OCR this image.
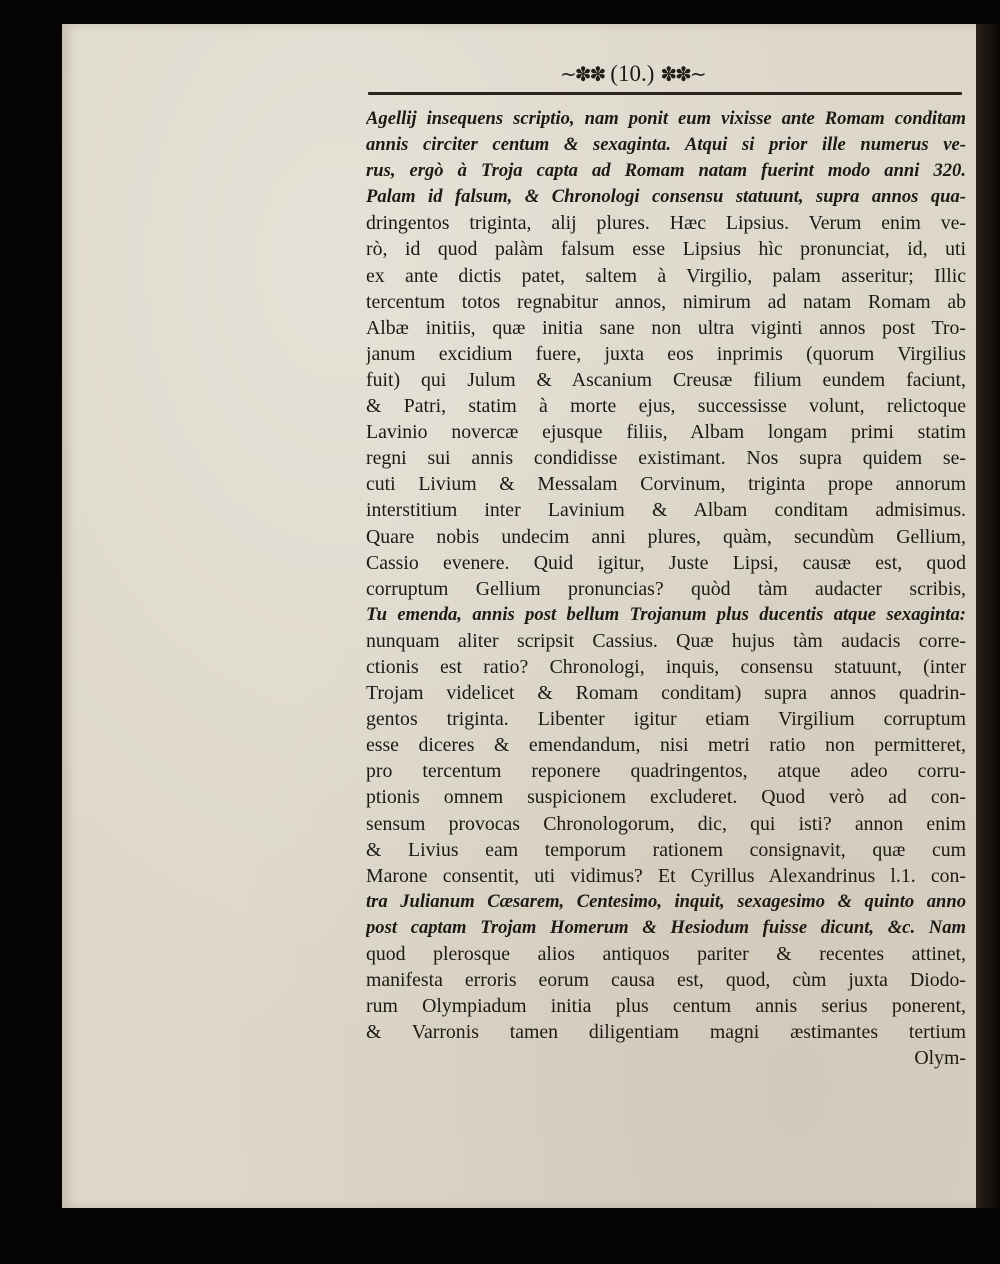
~✽✽ (10.) ✽✽~
Agellij insequens scriptio, nam ponit eum vixisse ante Romam conditam
annis circiter centum & sexaginta. Atqui si prior ille numerus ve-
rus, ergò à Troja capta ad Romam natam fuerint modo anni 320.
Palam id falsum, & Chronologi consensu statuunt, supra annos qua-
dringentos triginta, alij plures. Hæc Lipsius. Verum enim ve-
rò, id quod palàm falsum esse Lipsius hìc pronunciat, id, uti
ex ante dictis patet, saltem à Virgilio, palam asseritur; Illic
tercentum totos regnabitur annos, nimirum ad natam Romam ab
Albæ initiis, quæ initia sane non ultra viginti annos post Tro-
janum excidium fuere, juxta eos inprimis (quorum Virgilius
fuit) qui Julum & Ascanium Creusæ filium eundem faciunt,
& Patri, statim à morte ejus, successisse volunt, relictoque
Lavinio novercæ ejusque filiis, Albam longam primi statim
regni sui annis condidisse existimant. Nos supra quidem se-
cuti Livium & Messalam Corvinum, triginta prope annorum
interstitium inter Lavinium & Albam conditam admisimus.
Quare nobis undecim anni plures, quàm, secundùm Gellium,
Cassio evenere. Quid igitur, Juste Lipsi, causæ est, quod
corruptum Gellium pronuncias? quòd tàm audacter scribis,
Tu emenda, annis post bellum Trojanum plus ducentis atque sexaginta:
nunquam aliter scripsit Cassius. Quæ hujus tàm audacis corre-
ctionis est ratio? Chronologi, inquis, consensu statuunt, (inter
Trojam videlicet & Romam conditam) supra annos quadrin-
gentos triginta. Libenter igitur etiam Virgilium corruptum
esse diceres & emendandum, nisi metri ratio non permitteret,
pro tercentum reponere quadringentos, atque adeo corru-
ptionis omnem suspicionem excluderet. Quod verò ad con-
sensum provocas Chronologorum, dic, qui isti? annon enim
& Livius eam temporum rationem consignavit, quæ cum
Marone consentit, uti vidimus? Et Cyrillus Alexandrinus l.1. con-
tra Julianum Cæsarem, Centesimo, inquit, sexagesimo & quinto anno
post captam Trojam Homerum & Hesiodum fuisse dicunt, &c. Nam
quod plerosque alios antiquos pariter & recentes attinet,
manifesta erroris eorum causa est, quod, cùm juxta Diodo-
rum Olympiadum initia plus centum annis serius ponerent,
& Varronis tamen diligentiam magni æstimantes tertium
Olym-
